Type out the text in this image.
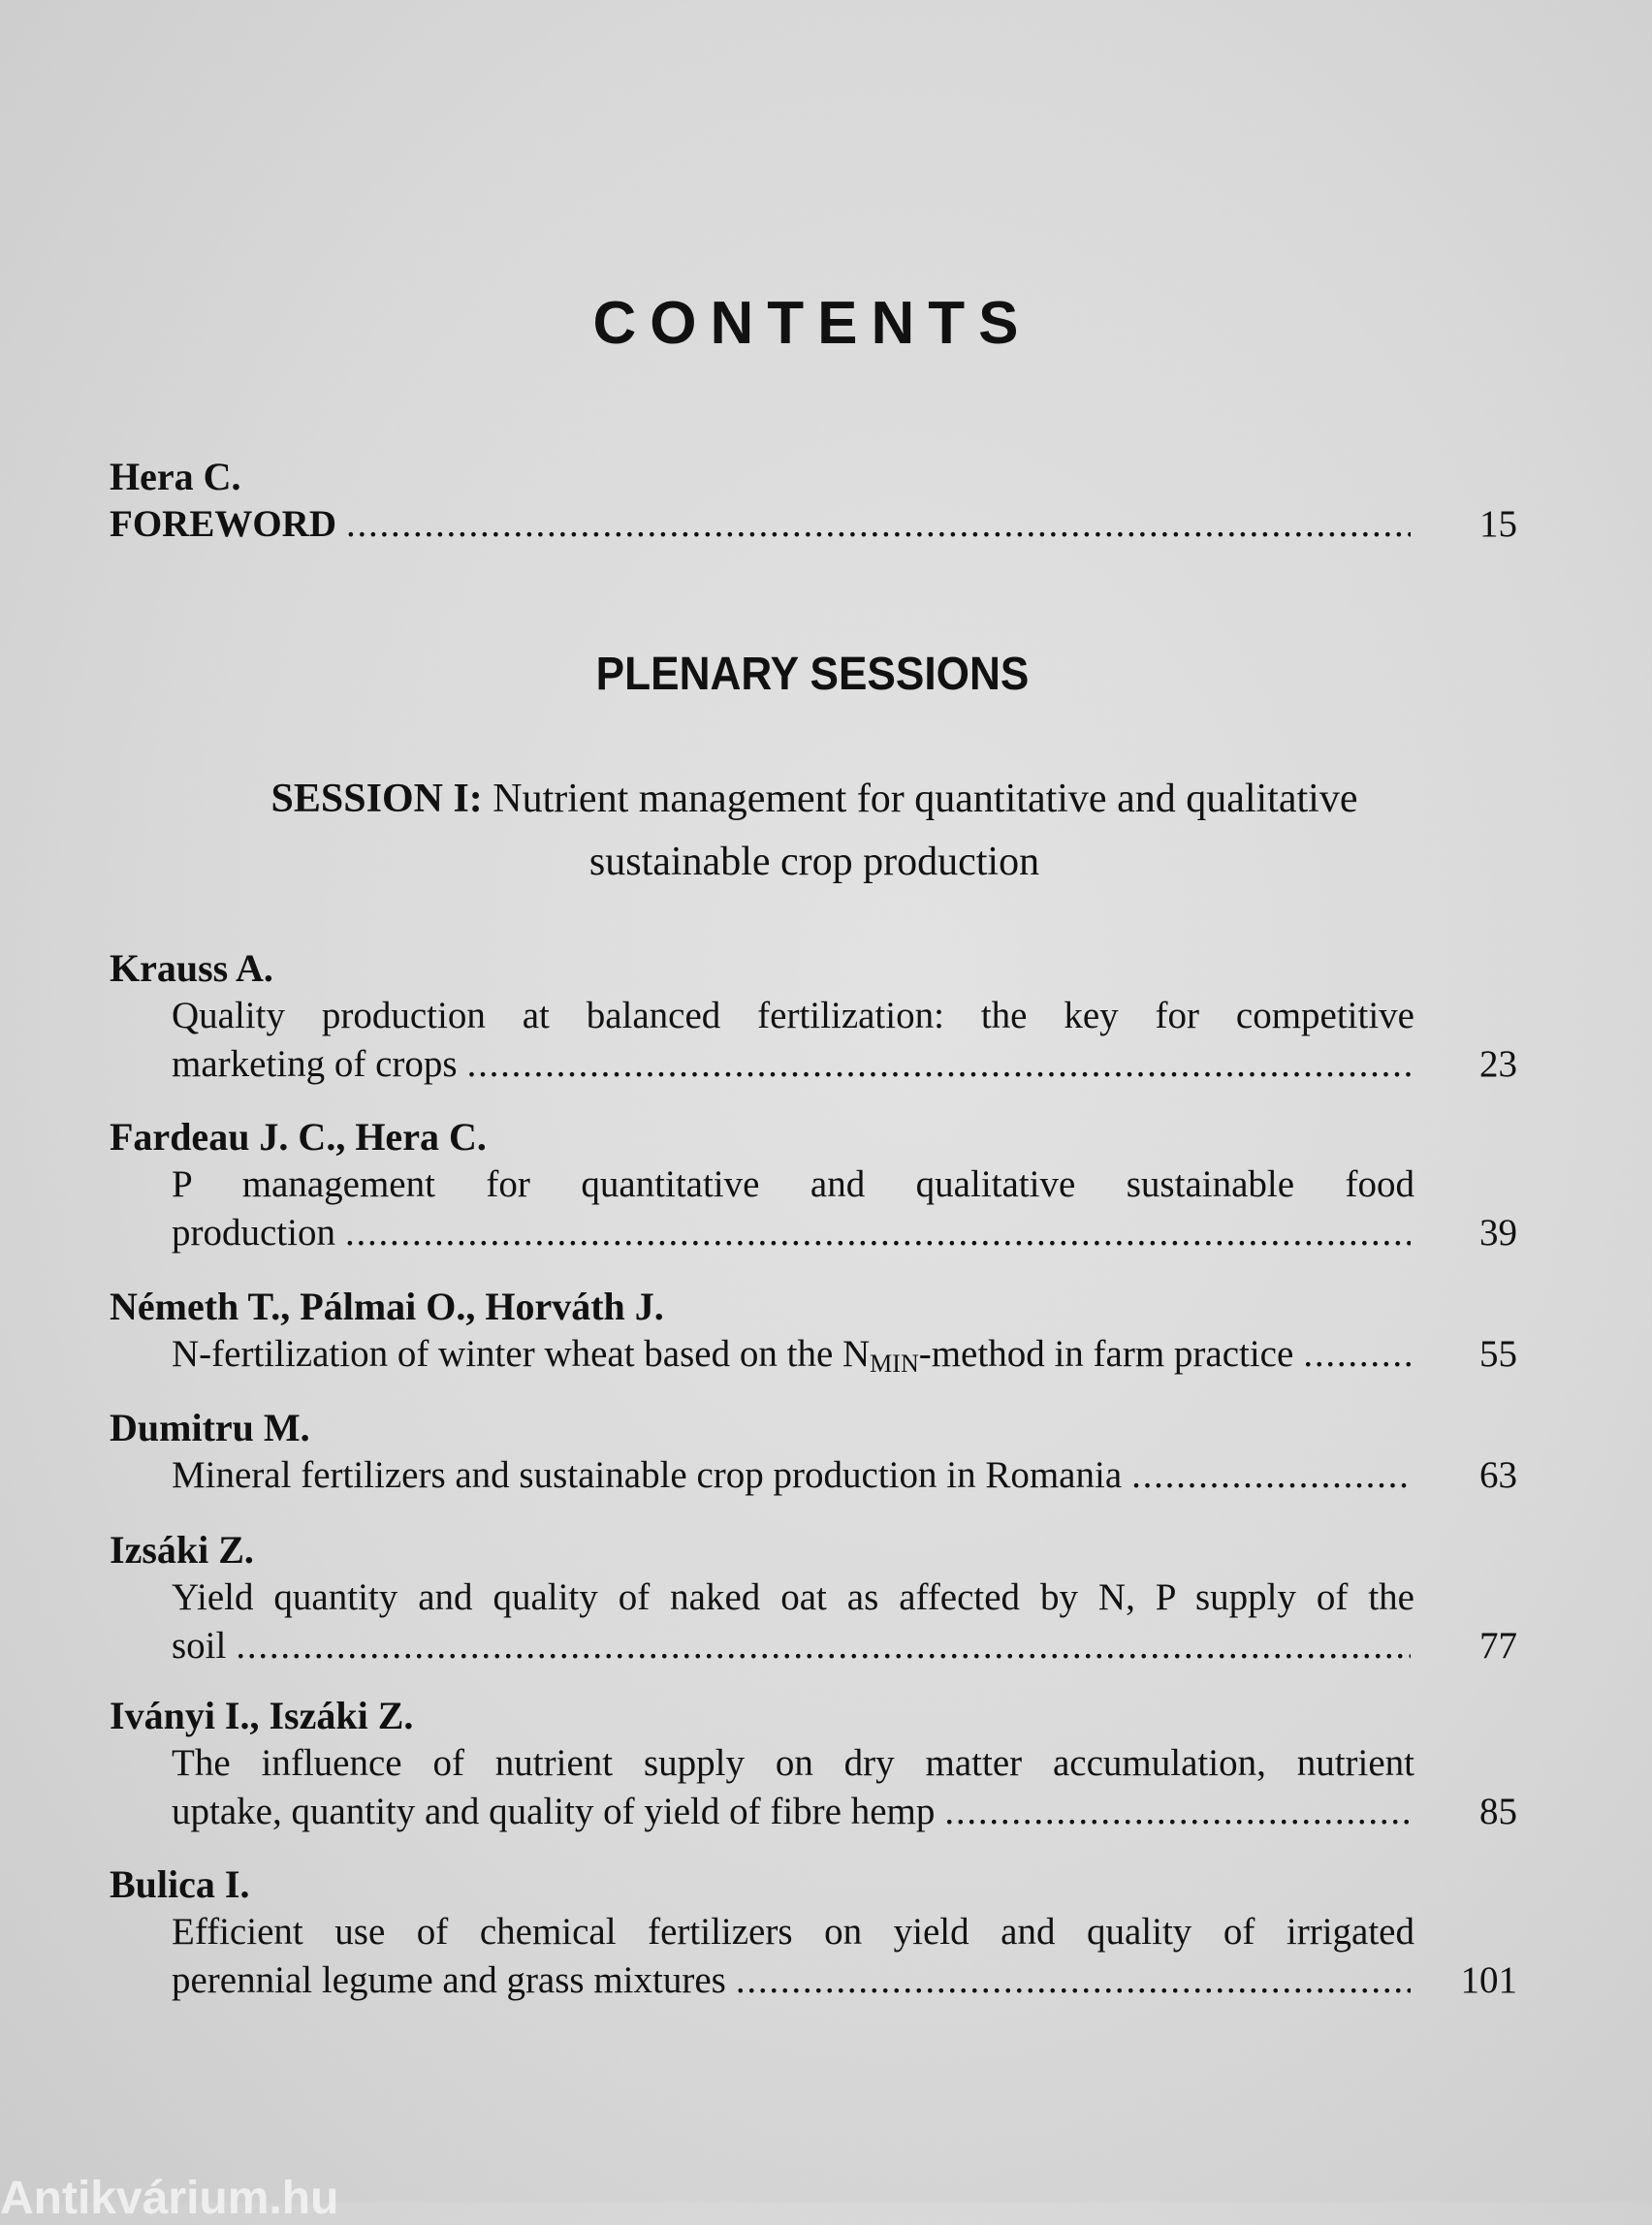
CONTENTS
Hera C.
FOREWORD . . .	15
PLENARY SESSIONS
SESSION I: Nutrient management for quantitative and qualitative
sustainable crop production
Krauss A.
Quality production at balanced fertilization: the key for competitive
marketing of crops . . .	23
Fardeau J. C., Hera C.
P management for quantitative and qualitative sustainable food
production . . .	39
Németh T., Pálmai O., Horváth J.
N-fertilization of winter wheat based on the $N_{MIN}$-method in farm practice . . .	55
Dumitru M.
Mineral fertilizers and sustainable crop production in Romania . . .	63
Izsáki Z.
Yield quantity and quality of naked oat as affected by N, P supply of the
soil . . .	77
Iványi I., Iszáki Z.
The influence of nutrient supply on dry matter accumulation, nutrient
uptake, quantity and quality of yield of fibre hemp . . .	85
Bulica I.
Efficient use of chemical fertilizers on yield and quality of irrigated
perennial legume and grass mixtures . . .	101
Antikvárium.hu
